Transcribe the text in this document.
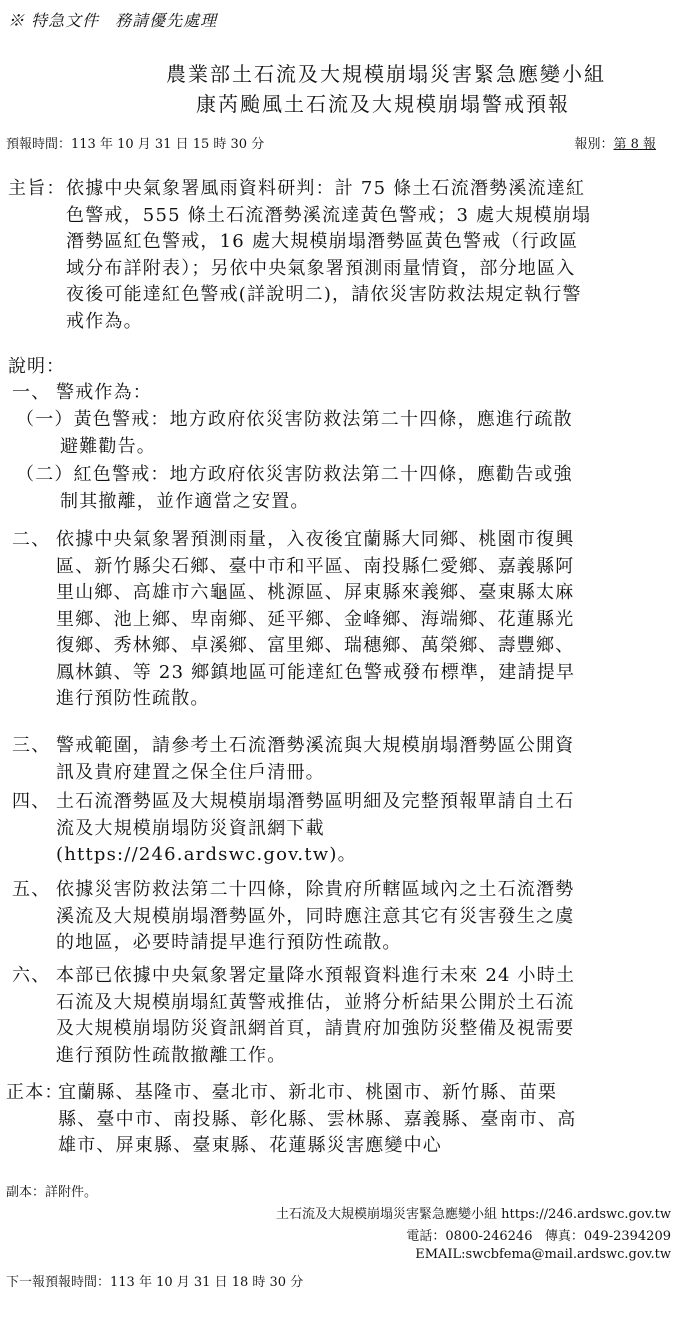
※ 特急文件 務請優先處理
農業部土石流及大規模崩塌災害緊急應變小組
康芮颱風土石流及大規模崩塌警戒預報
預報時間：113 年 10 月 31 日 15 時 30 分	報別：第 8 報
主旨： 依據中央氣象署風雨資料研判：計 75 條土石流潛勢溪流達紅
色警戒，555 條土石流潛勢溪流達黃色警戒；3 處大規模崩塌
潛勢區紅色警戒，16 處大規模崩塌潛勢區黃色警戒（行政區
域分布詳附表）；另依中央氣象署預測雨量情資，部分地區入
夜後可能達紅色警戒(詳說明二)，請依災害防救法規定執行警
戒作為。
說明：
一、 警戒作為：
（一）黃色警戒：地方政府依災害防救法第二十四條，應進行疏散
避難勸告。
（二）紅色警戒：地方政府依災害防救法第二十四條，應勸告或強
制其撤離，並作適當之安置。
二、 依據中央氣象署預測雨量，入夜後宜蘭縣大同鄉、桃園市復興
區、新竹縣尖石鄉、臺中市和平區、南投縣仁愛鄉、嘉義縣阿
里山鄉、高雄市六龜區、桃源區、屏東縣來義鄉、臺東縣太麻
里鄉、池上鄉、卑南鄉、延平鄉、金峰鄉、海端鄉、花蓮縣光
復鄉、秀林鄉、卓溪鄉、富里鄉、瑞穗鄉、萬榮鄉、壽豐鄉、
鳳林鎮、等 23 鄉鎮地區可能達紅色警戒發布標準，建請提早
進行預防性疏散。
三、 警戒範圍，請參考土石流潛勢溪流與大規模崩塌潛勢區公開資
訊及貴府建置之保全住戶清冊。
四、 土石流潛勢區及大規模崩塌潛勢區明細及完整預報單請自土石
流及大規模崩塌防災資訊網下載
(https://246.ardswc.gov.tw)。
五、 依據災害防救法第二十四條，除貴府所轄區域內之土石流潛勢
溪流及大規模崩塌潛勢區外，同時應注意其它有災害發生之虞
的地區，必要時請提早進行預防性疏散。
六、 本部已依據中央氣象署定量降水預報資料進行未來 24 小時土
石流及大規模崩塌紅黃警戒推估，並將分析結果公開於土石流
及大規模崩塌防災資訊網首頁，請貴府加強防災整備及視需要
進行預防性疏散撤離工作。
正本：
宜蘭縣、基隆市、臺北市、新北市、桃園市、新竹縣、苗栗
縣、臺中市、南投縣、彰化縣、雲林縣、嘉義縣、臺南市、高
雄市、屏東縣、臺東縣、花蓮縣災害應變中心
副本：詳附件。
土石流及大規模崩塌災害緊急應變小組 https://246.ardswc.gov.tw
電話：0800-246246 傳真：049-2394209
EMAIL:swcbfema@mail.ardswc.gov.tw
下一報預報時間：113 年 10 月 31 日 18 時 30 分
